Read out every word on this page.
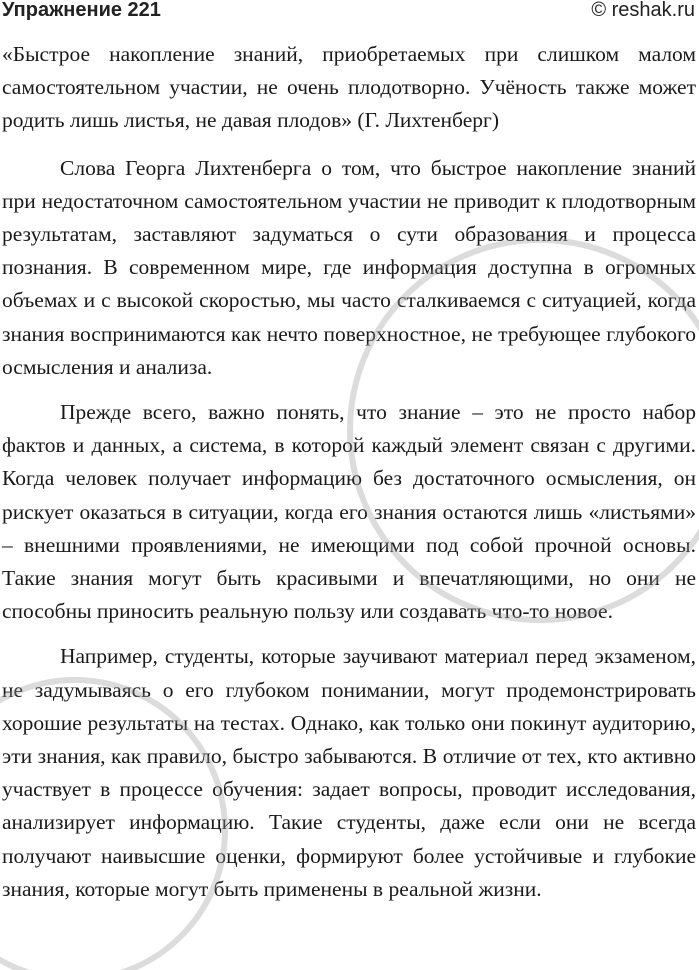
Упражнение 221	© reshak.ru

«Быстрое накопление знаний, приобретаемых при слишком малом самостоятельном участии, не очень плодотворно. Учёность также может родить лишь листья, не давая плодов» (Г. Лихтенберг)

Слова Георга Лихтенберга о том, что быстрое накопление знаний при недостаточном самостоятельном участии не приводит к плодотворным результатам, заставляют задуматься о сути образования и процесса познания. В современном мире, где информация доступна в огромных объемах и с высокой скоростью, мы часто сталкиваемся с ситуацией, когда знания воспринимаются как нечто поверхностное, не требующее глубокого осмысления и анализа.

Прежде всего, важно понять, что знание – это не просто набор фактов и данных, а система, в которой каждый элемент связан с другими. Когда человек получает информацию без достаточного осмысления, он рискует оказаться в ситуации, когда его знания остаются лишь «листьями» – внешними проявлениями, не имеющими под собой прочной основы. Такие знания могут быть красивыми и впечатляющими, но они не способны приносить реальную пользу или создавать что-то новое.

Например, студенты, которые заучивают материал перед экзаменом, не задумываясь о его глубоком понимании, могут продемонстрировать хорошие результаты на тестах. Однако, как только они покинут аудиторию, эти знания, как правило, быстро забываются. В отличие от тех, кто активно участвует в процессе обучения: задает вопросы, проводит исследования, анализирует информацию. Такие студенты, даже если они не всегда получают наивысшие оценки, формируют более устойчивые и глубокие знания, которые могут быть применены в реальной жизни.
